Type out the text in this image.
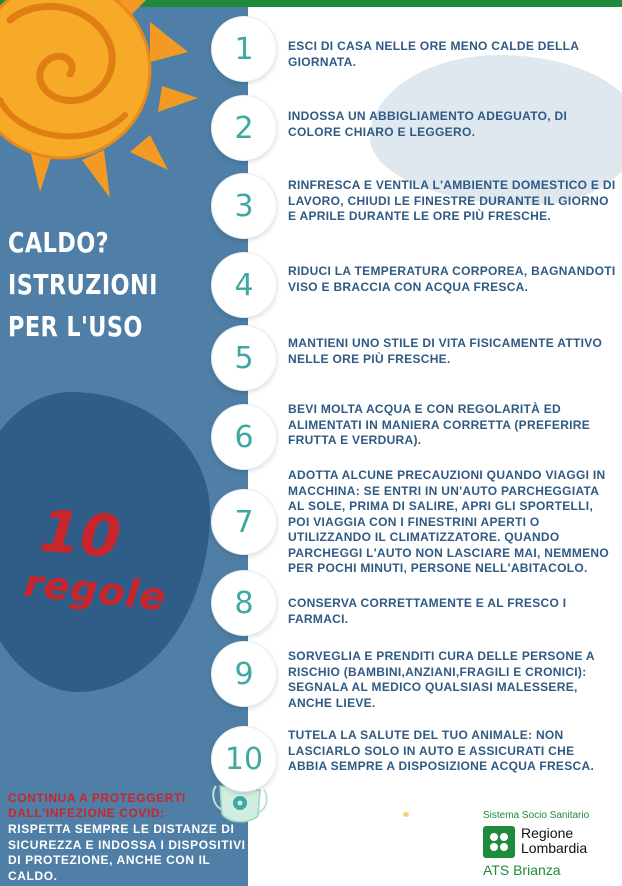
CALDO?
ISTRUZIONI
PER L'USO
10
regole
CONTINUA A PROTEGGERTI DALL'INFEZIONE COVID:
RISPETTA SEMPRE LE DISTANZE DI SICUREZZA E INDOSSA I DISPOSITIVI DI PROTEZIONE, ANCHE CON IL CALDO.
1	ESCI DI CASA NELLE ORE MENO CALDE DELLA GIORNATA.
2	INDOSSA UN ABBIGLIAMENTO ADEGUATO, DI COLORE CHIARO E LEGGERO.
3
RINFRESCA E VENTILA L'AMBIENTE DOMESTICO E DI LAVORO, CHIUDI LE FINESTRE DURANTE IL GIORNO E APRILE DURANTE LE ORE PIÙ FRESCHE.
4	RIDUCI LA TEMPERATURA CORPOREA, BAGNANDOTI VISO E BRACCIA CON ACQUA FRESCA.
5	MANTIENI UNO STILE DI VITA FISICAMENTE ATTIVO NELLE ORE PIÙ FRESCHE.
6
BEVI MOLTA ACQUA E CON REGOLARITÀ ED ALIMENTATI IN MANIERA CORRETTA (PREFERIRE FRUTTA E VERDURA).
7
ADOTTA ALCUNE PRECAUZIONI QUANDO VIAGGI IN MACCHINA: SE ENTRI IN UN'AUTO PARCHEGGIATA AL SOLE, PRIMA DI SALIRE, APRI GLI SPORTELLI, POI VIAGGIA CON I FINESTRINI APERTI O UTILIZZANDO IL CLIMATIZZATORE. QUANDO PARCHEGGI L'AUTO NON LASCIARE MAI, NEMMENO PER POCHI MINUTI, PERSONE NELL'ABITACOLO.
8	CONSERVA CORRETTAMENTE E AL FRESCO I FARMACI.
9
SORVEGLIA E PRENDITI CURA DELLE PERSONE A RISCHIO (BAMBINI,ANZIANI,FRAGILI E CRONICI): SEGNALA AL MEDICO QUALSIASI MALESSERE, ANCHE LIEVE.
10
TUTELA LA SALUTE DEL TUO ANIMALE: NON LASCIARLO SOLO IN AUTO E ASSICURATI CHE ABBIA SEMPRE A DISPOSIZIONE ACQUA FRESCA.
Sistema Socio Sanitario
Regione
Lombardia
ATS Brianza
